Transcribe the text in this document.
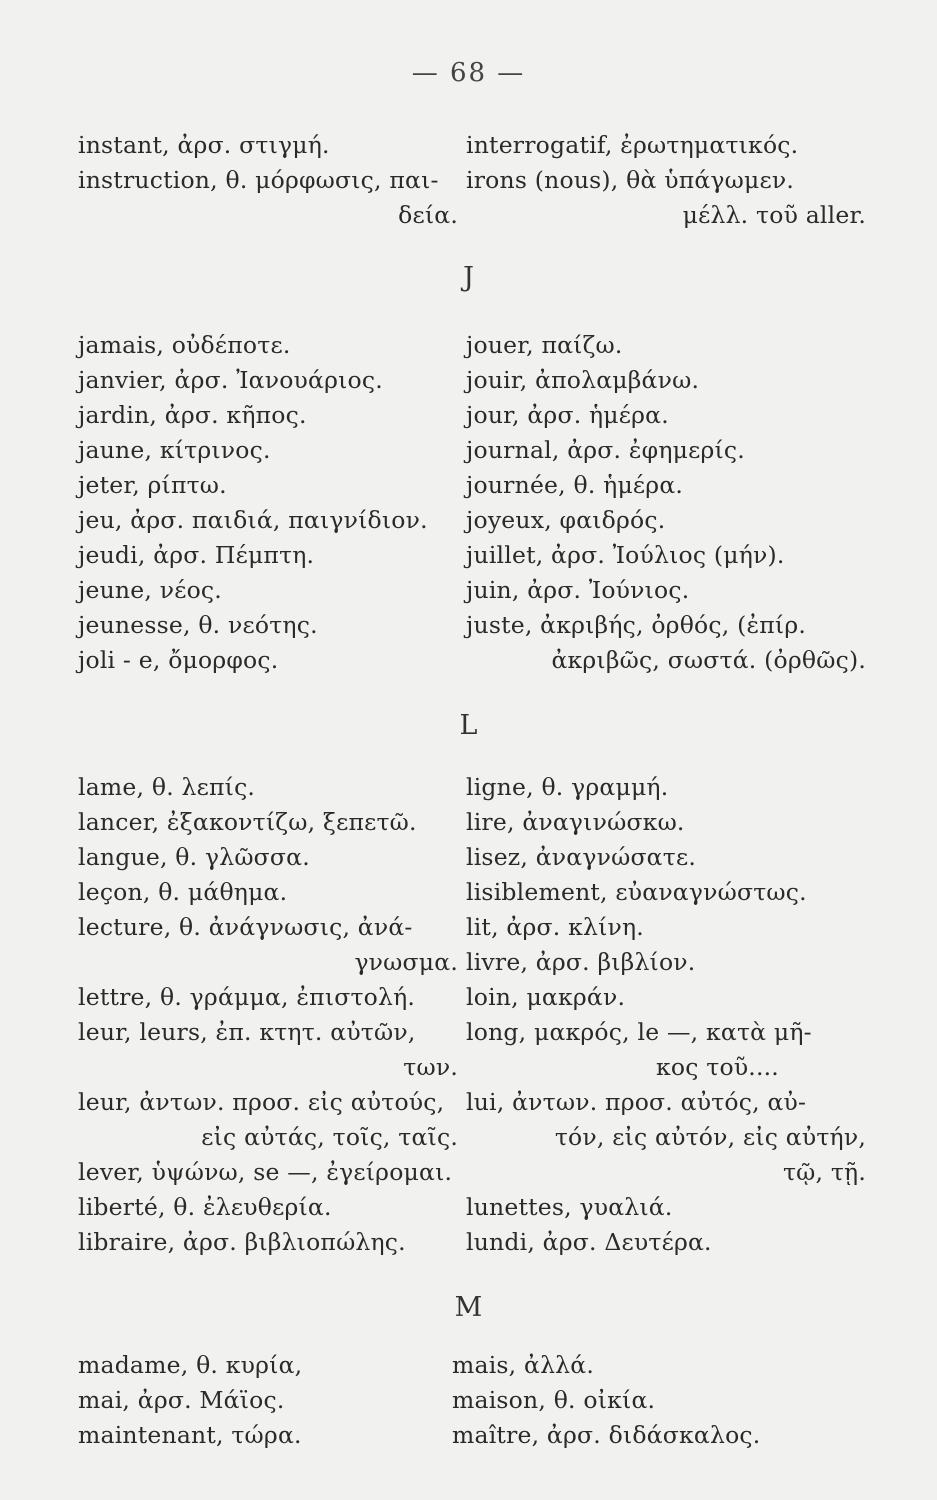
— 68 —
instant, ἀρσ. στιγμή.
instruction, θ. μόρφωσις, παι-
δεία.
interrogatif, ἐρωτηματικός.
irons (nous), θὰ ὑπάγωμεν.
μέλλ. τοῦ aller.
J
jamais, οὐδέποτε.
janvier, ἀρσ. Ἰανουάριος.
jardin, ἀρσ. κῆπος.
jaune, κίτρινος.
jeter, ρίπτω.
jeu, ἀρσ. παιδιά, παιγνίδιον.
jeudi, ἀρσ. Πέμπτη.
jeune, νέος.
jeunesse, θ. νεότης.
joli - e, ὄμορφος.
jouer, παίζω.
jouir, ἀπολαμβάνω.
jour, ἀρσ. ἡμέρα.
journal, ἀρσ. ἐφημερίς.
journée, θ. ἡμέρα.
joyeux, φαιδρός.
juillet, ἀρσ. Ἰούλιος (μήν).
juin, ἀρσ. Ἰούνιος.
juste, ἀκριβής, ὀρθός, (ἐπίρ.
ἀκριβῶς, σωστά. (ὀρθῶς).
L
lame, θ. λεπίς.
lancer, ἐξακοντίζω, ξεπετῶ.
langue, θ. γλῶσσα.
leçon, θ. μάθημα.
lecture, θ. ἀνάγνωσις, ἀνά-
γνωσμα.
lettre, θ. γράμμα, ἐπιστολή.
leur, leurs, ἐπ. κτητ. αὐτῶν,
των.
leur, ἀντων. προσ. εἰς αὐτούς,
εἰς αὐτάς, τοῖς, ταῖς.
lever, ὑψώνω, se —, ἐγείρομαι.
liberté, θ. ἐλευθερία.
libraire, ἀρσ. βιβλιοπώλης.
ligne, θ. γραμμή.
lire, ἀναγινώσκω.
lisez, ἀναγνώσατε.
lisiblement, εὐαναγνώστως.
lit, ἀρσ. κλίνη.
livre, ἀρσ. βιβλίον.
loin, μακράν.
long, μακρός, le —, κατὰ μῆ-
κος τοῦ....
lui, ἀντων. προσ. αὐτός, αὐ-
τόν, εἰς αὐτόν, εἰς αὐτήν,
τῷ, τῇ.
lunettes, γυαλιά.
lundi, ἀρσ. Δευτέρα.
M
madame, θ. κυρία,
mai, ἀρσ. Μάϊος.
maintenant, τώρα.
mais, ἀλλά.
maison, θ. οἰκία.
maître, ἀρσ. διδάσκαλος.
